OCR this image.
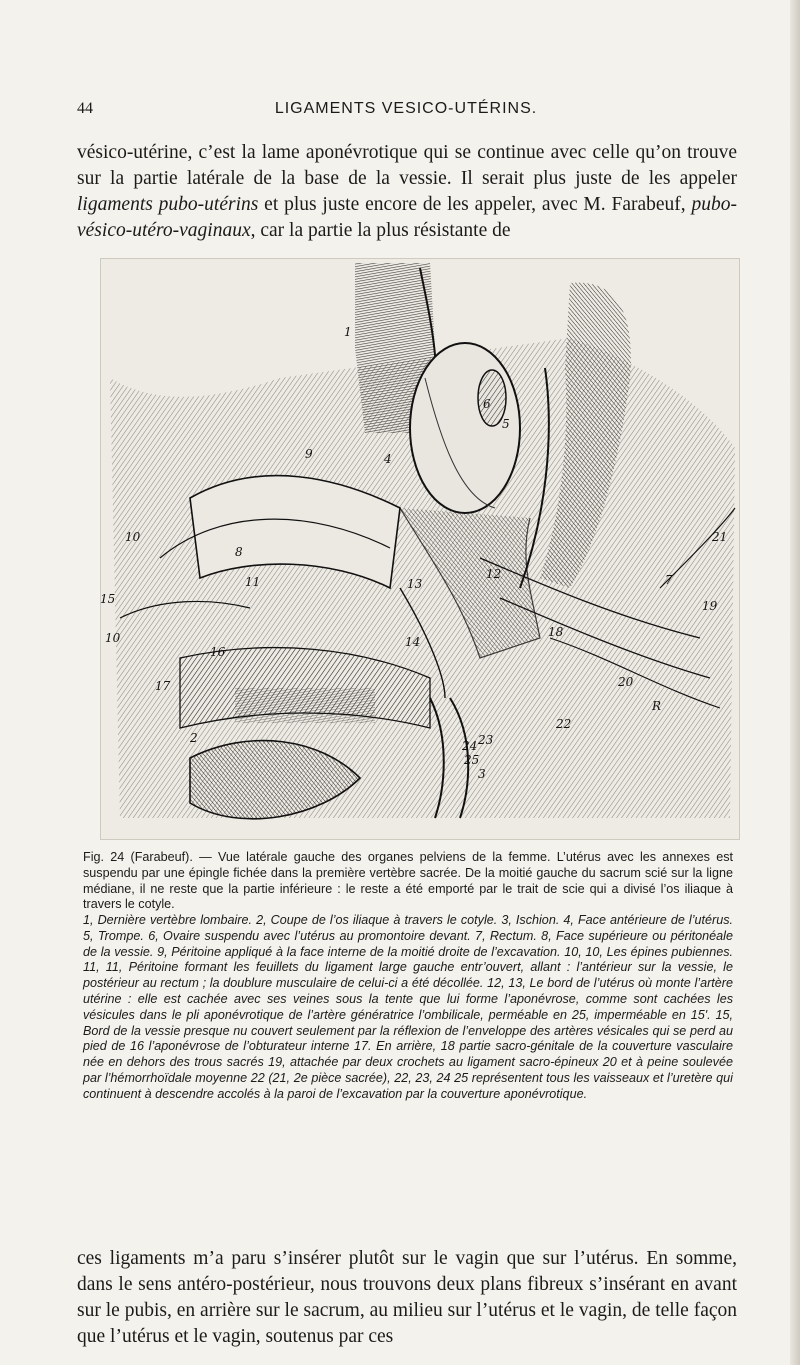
44	LIGAMENTS VESICO-UTÉRINS.

vésico-utérine, c’est la lame aponévrotique qui se continue avec celle qu’on trouve sur la partie latérale de la base de la vessie. Il serait plus juste de les appeler ligaments pubo-utérins et plus juste encore de les appeler, avec M. Farabeuf, pubo-vésico-utéro-vaginaux, car la partie la plus résistante de

1
9	4
6
5
10
8
11	13
12
21
15
10
7
19
16
14
18
17	20
2
22
24
25
23
3
R

Fig. 24 (Farabeuf). — Vue latérale gauche des organes pelviens de la femme. L’utérus avec les annexes est suspendu par une épingle fichée dans la première vertèbre sacrée. De la moitié gauche du sacrum scié sur la ligne médiane, il ne reste que la partie inférieure : le reste a été emporté par le trait de scie qui a divisé l’os iliaque à travers le cotyle.

1, Dernière vertèbre lombaire. 2, Coupe de l’os iliaque à travers le cotyle. 3, Ischion. 4, Face antérieure de l’utérus. 5, Trompe. 6, Ovaire suspendu avec l’utérus au promontoire devant. 7, Rectum. 8, Face supérieure ou péritonéale de la vessie. 9, Péritoine appliqué à la face interne de la moitié droite de l’excavation. 10, 10, Les épines pubiennes. 11, 11, Péritoine formant les feuillets du ligament large gauche entr’ouvert, allant : l’antérieur sur la vessie, le postérieur au rectum ; la doublure musculaire de celui-ci a été décollée. 12, 13, Le bord de l’utérus où monte l’artère utérine : elle est cachée avec ses veines sous la tente que lui forme l’aponévrose, comme sont cachées les vésicules dans le pli aponévrotique de l’artère génératrice l’ombilicale, perméable en 25, imperméable en 15'. 15, Bord de la vessie presque nu couvert seulement par la réflexion de l’enveloppe des artères vésicales qui se perd au pied de 16 l’aponévrose de l’obturateur interne 17. En arrière, 18 partie sacro-génitale de la couverture vasculaire née en dehors des trous sacrés 19, attachée par deux crochets au ligament sacro-épineux 20 et à peine soulevée par l’hémorrhoïdale moyenne 22 (21, 2e pièce sacrée), 22, 23, 24 25 représentent tous les vaisseaux et l’uretère qui continuent à descendre accolés à la paroi de l’excavation par la couverture aponévrotique.

ces ligaments m’a paru s’insérer plutôt sur le vagin que sur l’utérus. En somme, dans le sens antéro-postérieur, nous trouvons deux plans fibreux s’insérant en avant sur le pubis, en arrière sur le sacrum, au milieu sur l’utérus et le vagin, de telle façon que l’utérus et le vagin, soutenus par ces
